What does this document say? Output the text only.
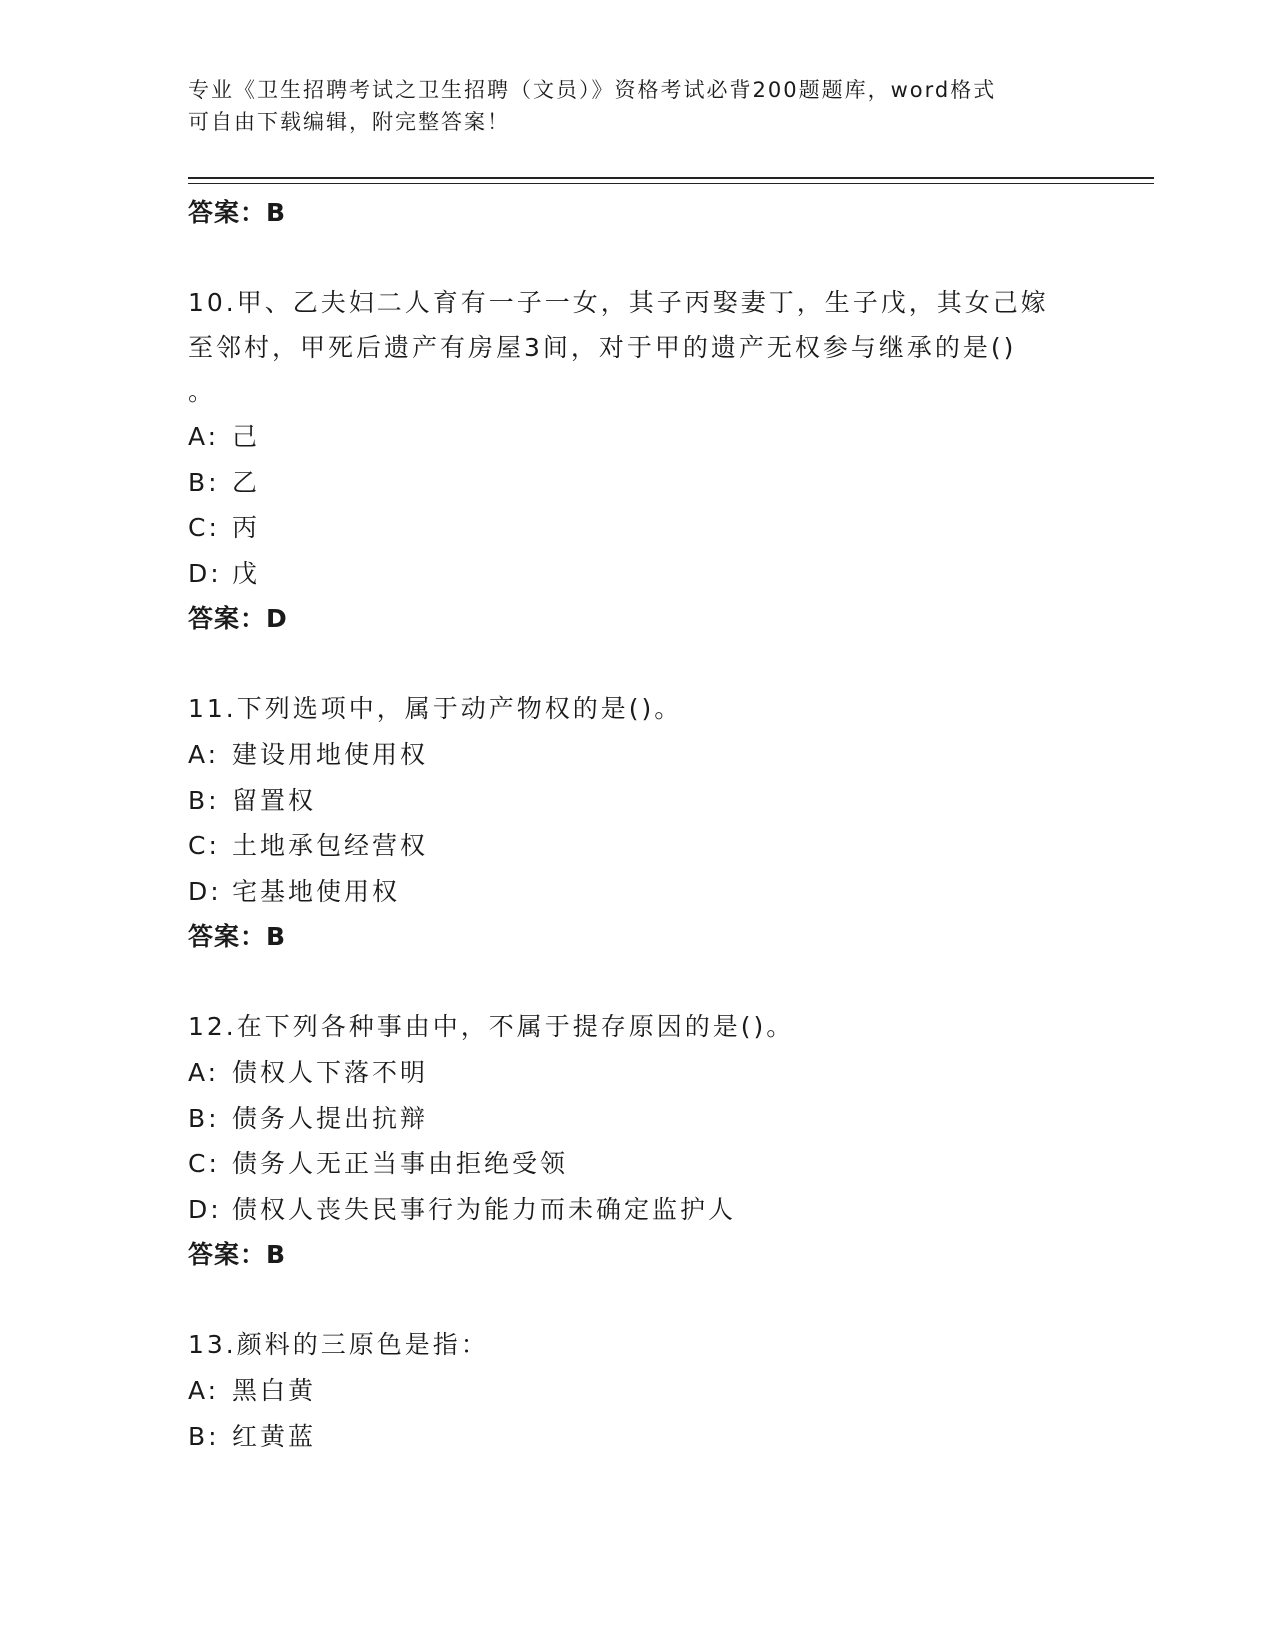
专业《卫生招聘考试之卫生招聘（文员）》资格考试必背200题题库，word格式
可自由下载编辑，附完整答案！
答案：B
10.甲、乙夫妇二人育有一子一女，其子丙娶妻丁，生子戊，其女己嫁
至邻村，甲死后遗产有房屋3间，对于甲的遗产无权参与继承的是()
。
A: 己
B: 乙
C: 丙
D: 戊
答案：D
11.下列选项中，属于动产物权的是()。
A: 建设用地使用权
B: 留置权
C: 土地承包经营权
D: 宅基地使用权
答案：B
12.在下列各种事由中，不属于提存原因的是()。
A: 债权人下落不明
B: 债务人提出抗辩
C: 债务人无正当事由拒绝受领
D: 债权人丧失民事行为能力而未确定监护人
答案：B
13.颜料的三原色是指：
A: 黑白黄
B: 红黄蓝
